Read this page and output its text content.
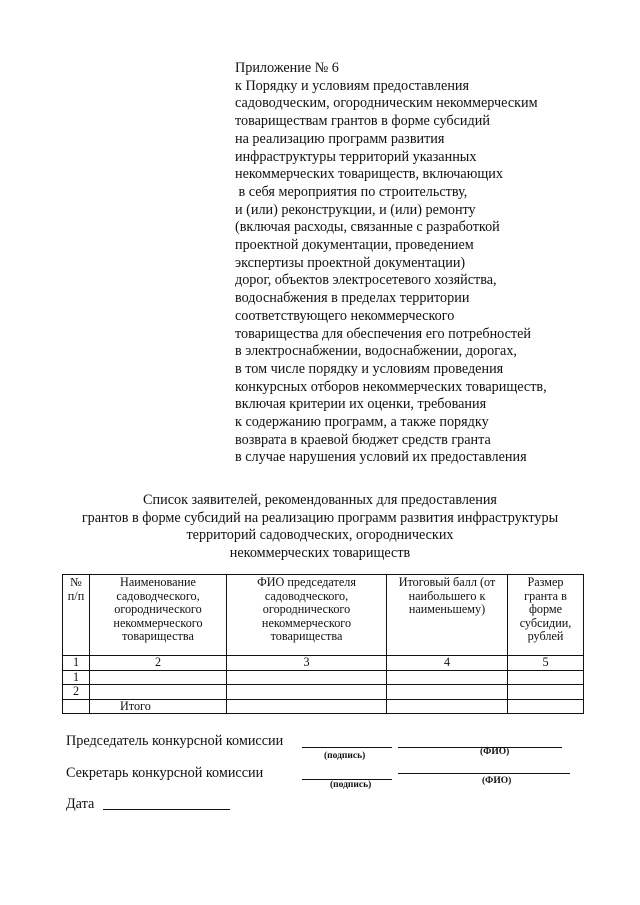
Приложение № 6
к Порядку и условиям предоставления
садоводческим, огородническим некоммерческим
товариществам грантов в форме субсидий
на реализацию программ развития
инфраструктуры территорий указанных
некоммерческих товариществ, включающих
в себя мероприятия по строительству,
и (или) реконструкции, и (или) ремонту
(включая расходы, связанные с разработкой
проектной документации, проведением
экспертизы проектной документации)
дорог, объектов электросетевого хозяйства,
водоснабжения в пределах территории
соответствующего некоммерческого
товарищества для обеспечения его потребностей
в электроснабжении, водоснабжении, дорогах,
в том числе порядку и условиям проведения
конкурсных отборов некоммерческих товариществ,
включая критерии их оценки, требования
к содержанию программ, а также порядку
возврата в краевой бюджет средств гранта
в случае нарушения условий их предоставления
Список заявителей, рекомендованных для предоставления
грантов в форме субсидий на реализацию программ развития инфраструктуры
территорий садоводческих, огороднических
некоммерческих товариществ
№ п/п	Наименование садоводческого, огороднического некоммерческого товарищества	ФИО председателя садоводческого, огороднического некоммерческого товарищества	Итоговый балл (от наибольшего к наименьшему)	Размер гранта в форме субсидии, рублей
1	2	3	4	5
1				
2				
	Итого			
Председатель конкурсной комиссии
(подпись)	(ФИО)
Секретарь конкурсной комиссии
(подпись)	(ФИО)
Дата
